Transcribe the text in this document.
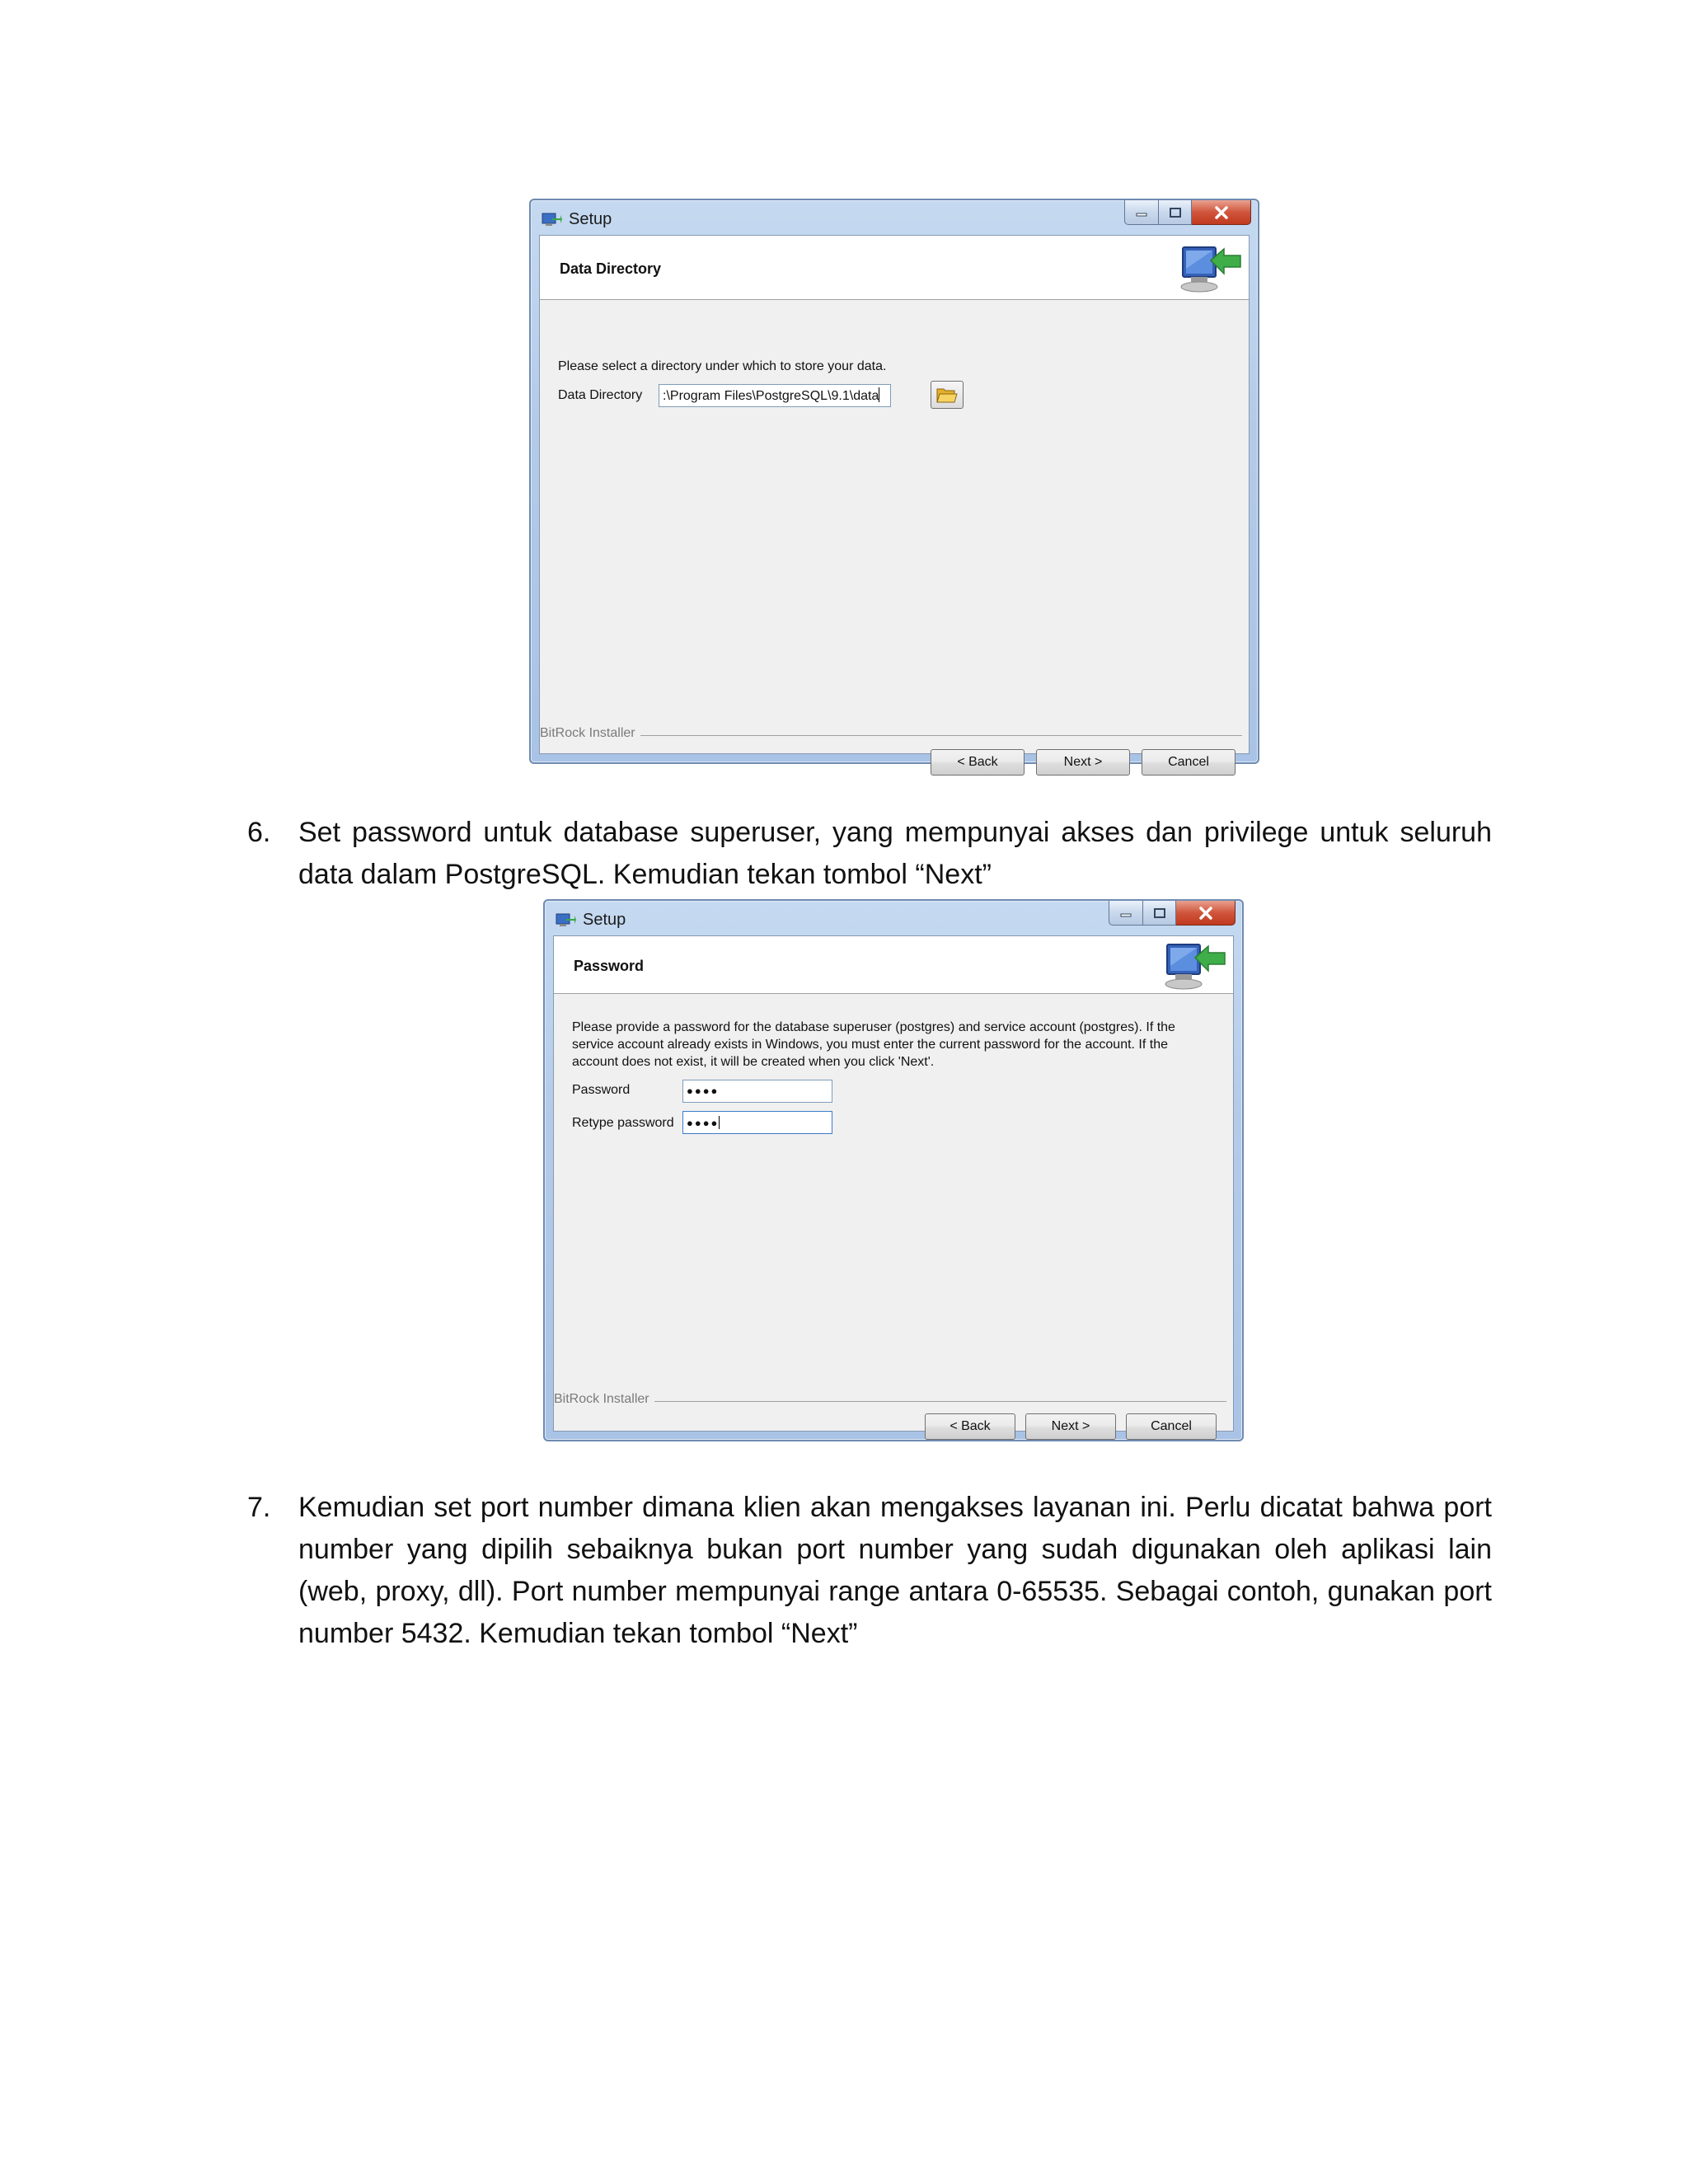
Setup
Data Directory
Please select a directory under which to store your data.
Data Directory	:\Program Files\PostgreSQL\9.1\data
BitRock Installer
< Back	Next >	Cancel
6. Set password untuk database superuser, yang mempunyai akses dan privilege untuk seluruh data dalam PostgreSQL. Kemudian tekan tombol “Next”
Setup
Password
Please provide a password for the database superuser (postgres) and service account (postgres). If the service account already exists in Windows, you must enter the current password for the account. If the account does not exist, it will be created when you click 'Next'.
Password	●●●●
Retype password	●●●●
BitRock Installer
< Back	Next >	Cancel
7. Kemudian set port number dimana klien akan mengakses layanan ini. Perlu dicatat bahwa port number yang dipilih sebaiknya bukan port number yang sudah digunakan oleh aplikasi lain (web, proxy, dll). Port number mempunyai range antara 0-65535. Sebagai contoh, gunakan port number 5432. Kemudian tekan tombol “Next”
